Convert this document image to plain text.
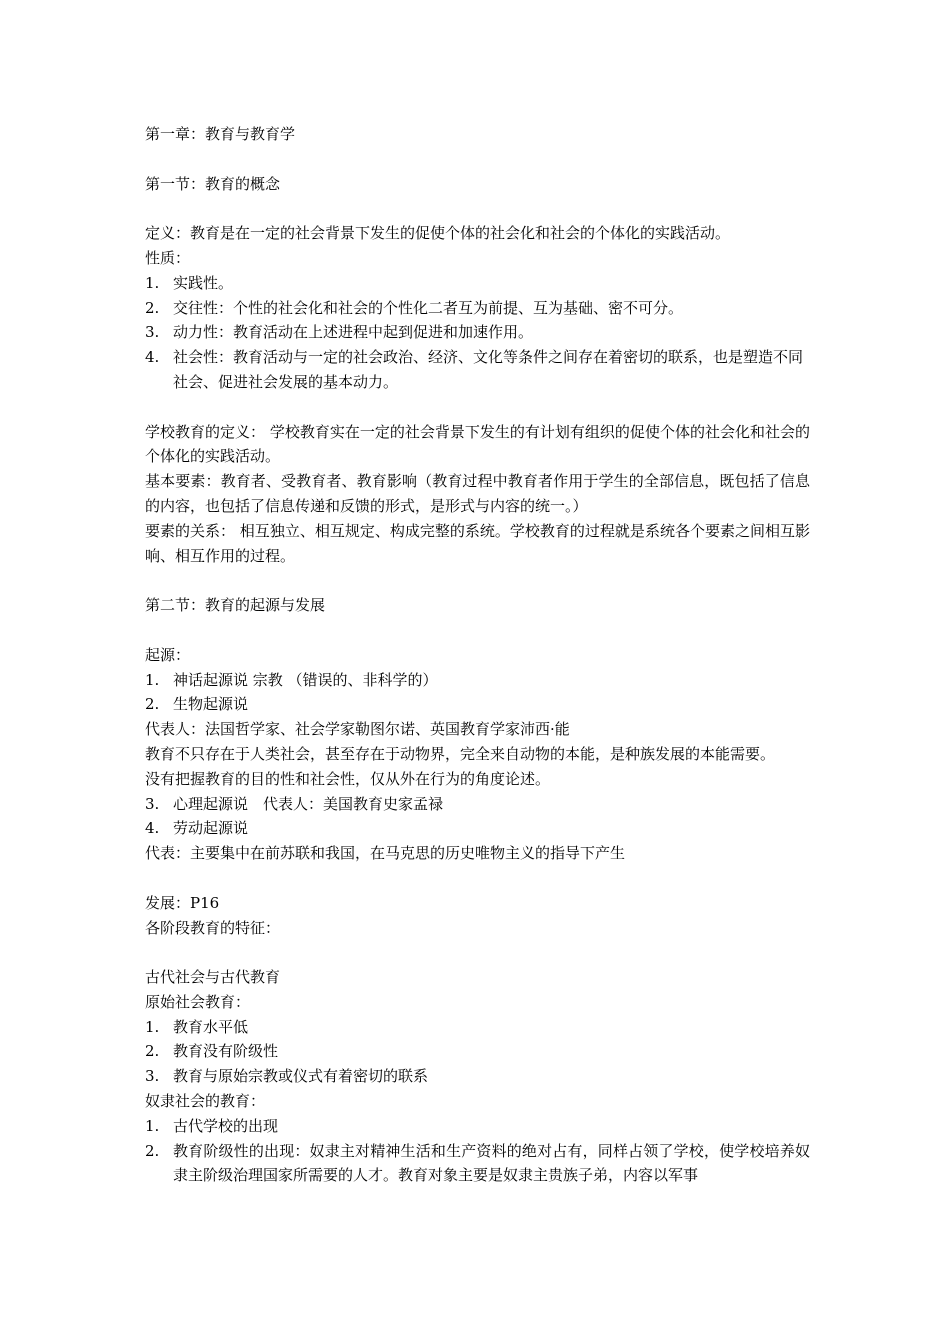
第一章：教育与教育学
第一节：教育的概念
定义：教育是在一定的社会背景下发生的促使个体的社会化和社会的个体化的实践活动。
性质：
1. 实践性。
2. 交往性：个性的社会化和社会的个性化二者互为前提、互为基础、密不可分。
3. 动力性：教育活动在上述进程中起到促进和加速作用。
4. 社会性：教育活动与一定的社会政治、经济、文化等条件之间存在着密切的联系，也是塑造不同社会、促进社会发展的基本动力。
学校教育的定义： 学校教育实在一定的社会背景下发生的有计划有组织的促使个体的社会化和社会的个体化的实践活动。
基本要素：教育者、受教育者、教育影响（教育过程中教育者作用于学生的全部信息，既包括了信息的内容，也包括了信息传递和反馈的形式，是形式与内容的统一。）
要素的关系： 相互独立、相互规定、构成完整的系统。学校教育的过程就是系统各个要素之间相互影响、相互作用的过程。
第二节：教育的起源与发展
起源：
1. 神话起源说 宗教 （错误的、非科学的）
2. 生物起源说
代表人：法国哲学家、社会学家勒图尔诺、英国教育学家沛西·能
教育不只存在于人类社会，甚至存在于动物界，完全来自动物的本能，是种族发展的本能需要。
没有把握教育的目的性和社会性，仅从外在行为的角度论述。
3. 心理起源说　代表人：美国教育史家孟禄
4. 劳动起源说
代表：主要集中在前苏联和我国，在马克思的历史唯物主义的指导下产生
发展：P16
各阶段教育的特征：
古代社会与古代教育
原始社会教育：
1. 教育水平低
2. 教育没有阶级性
3. 教育与原始宗教或仪式有着密切的联系
奴隶社会的教育：
1. 古代学校的出现
2. 教育阶级性的出现：奴隶主对精神生活和生产资料的绝对占有，同样占领了学校，使学校培养奴隶主阶级治理国家所需要的人才。教育对象主要是奴隶主贵族子弟，内容以军事
